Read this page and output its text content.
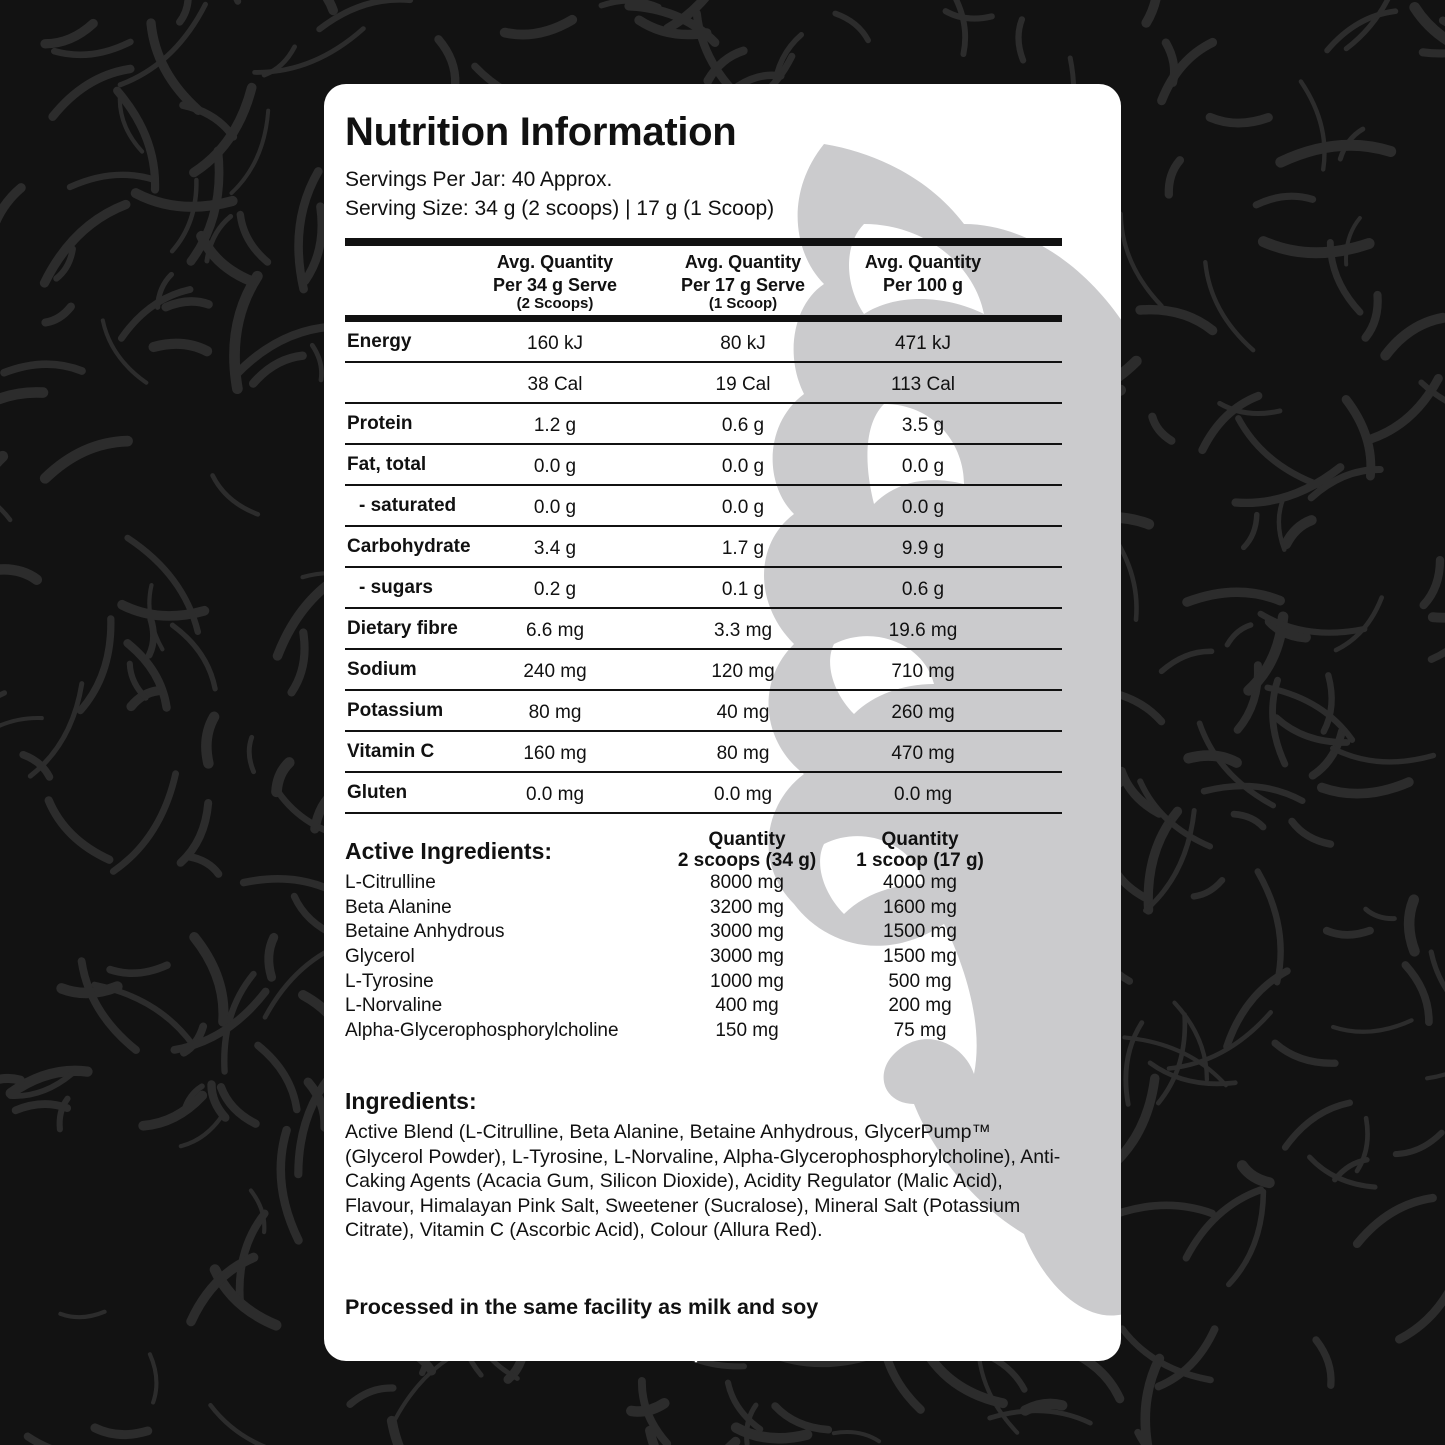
Nutrition Information
Servings Per Jar: 40 Approx.
Serving Size: 34 g (2 scoops) | 17 g (1 Scoop)
Avg. Quantity
Per 34 g Serve
(2 Scoops)
Avg. Quantity
Per 17 g Serve
(1 Scoop)
Avg. Quantity
Per 100 g
Energy	160 kJ	80 kJ	471 kJ
38 Cal	19 Cal	113 Cal
Protein	1.2 g	0.6 g	3.5 g
Fat, total	0.0 g	0.0 g	0.0 g
- saturated	0.0 g	0.0 g	0.0 g
Carbohydrate	3.4 g	1.7 g	9.9 g
- sugars	0.2 g	0.1 g	0.6 g
Dietary fibre	6.6 mg	3.3 mg	19.6 mg
Sodium	240 mg	120 mg	710 mg
Potassium	80 mg	40 mg	260 mg
Vitamin C	160 mg	80 mg	470 mg
Gluten	0.0 mg	0.0 mg	0.0 mg
Active Ingredients:	Quantity
2 scoops (34 g)
Quantity
1 scoop (17 g)
L-Citrulline	8000 mg	4000 mg
Beta Alanine	3200 mg	1600 mg
Betaine Anhydrous	3000 mg	1500 mg
Glycerol	3000 mg	1500 mg
L-Tyrosine	1000 mg	500 mg
L-Norvaline	400 mg	200 mg
Alpha-Glycerophosphorylcholine	150 mg	75 mg
Ingredients:
Active Blend (L-Citrulline, Beta Alanine, Betaine Anhydrous, GlycerPump™ (Glycerol Powder), L-Tyrosine, L-Norvaline, Alpha-Glycerophosphorylcholine), Anti-Caking Agents (Acacia Gum, Silicon Dioxide), Acidity Regulator (Malic Acid), Flavour, Himalayan Pink Salt, Sweetener (Sucralose), Mineral Salt (Potassium Citrate), Vitamin C (Ascorbic Acid), Colour (Allura Red).
Processed in the same facility as milk and soy
PUMP PRE-WORKOUT | RED RASPBERRY FLAVOUR
